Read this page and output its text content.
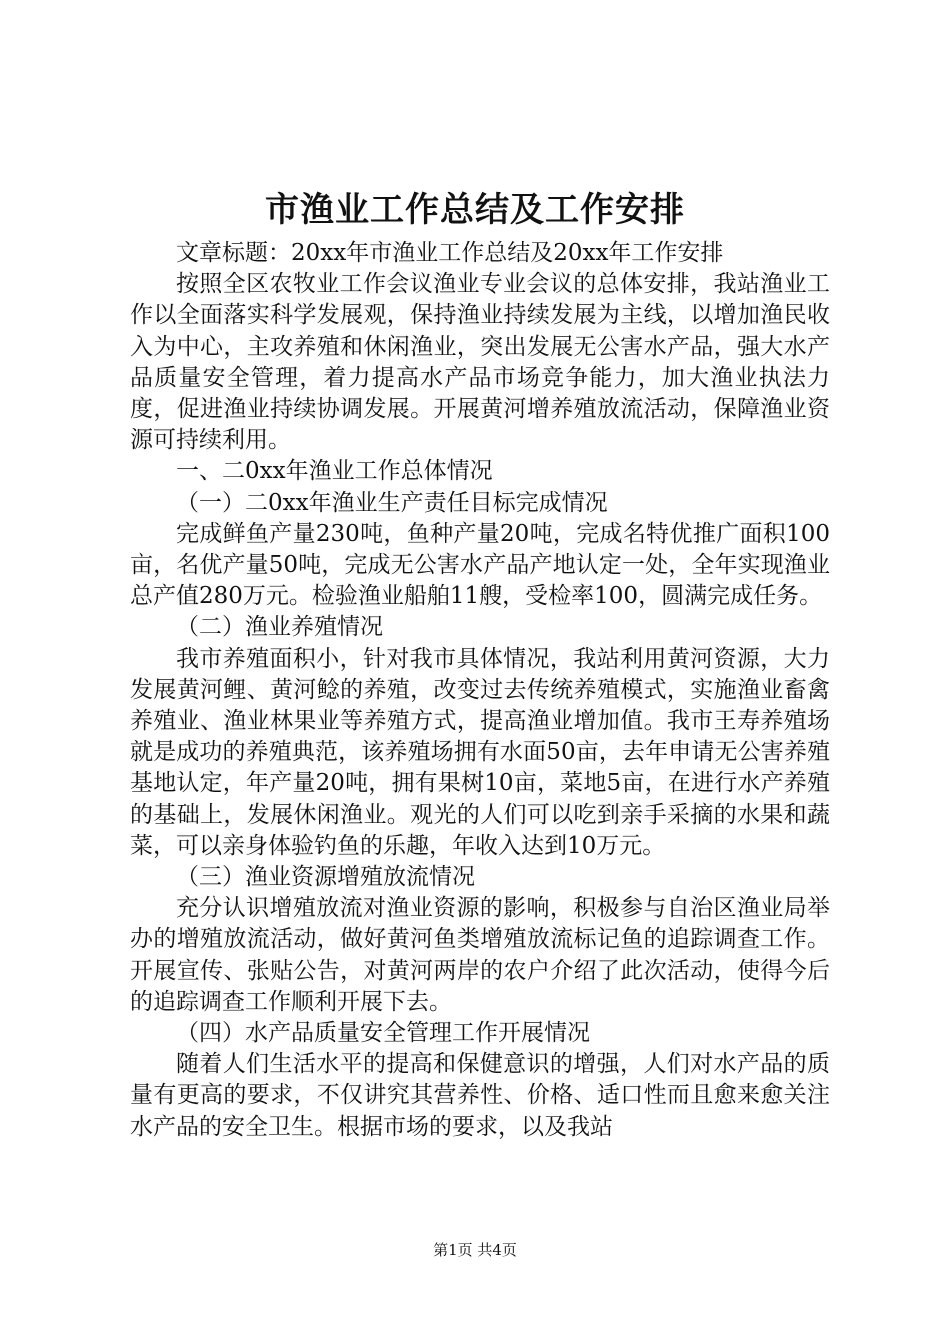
市渔业工作总结及工作安排

文章标题：20xx年市渔业工作总结及20xx年工作安排

按照全区农牧业工作会议渔业专业会议的总体安排，我站渔业工作以全面落实科学发展观，保持渔业持续发展为主线，以增加渔民收入为中心，主攻养殖和休闲渔业，突出发展无公害水产品，强大水产品质量安全管理，着力提高水产品市场竞争能力，加大渔业执法力度，促进渔业持续协调发展。开展黄河增养殖放流活动，保障渔业资源可持续利用。

一、二0xx年渔业工作总体情况

（一）二0xx年渔业生产责任目标完成情况

完成鲜鱼产量230吨，鱼种产量20吨，完成名特优推广面积100亩，名优产量50吨，完成无公害水产品产地认定一处，全年实现渔业总产值280万元。检验渔业船舶11艘，受检率100，圆满完成任务。

（二）渔业养殖情况

我市养殖面积小，针对我市具体情况，我站利用黄河资源，大力发展黄河鲤、黄河鲶的养殖，改变过去传统养殖模式，实施渔业畜禽养殖业、渔业林果业等养殖方式，提高渔业增加值。我市王寿养殖场就是成功的养殖典范，该养殖场拥有水面50亩，去年申请无公害养殖基地认定，年产量20吨，拥有果树10亩，菜地5亩，在进行水产养殖的基础上，发展休闲渔业。观光的人们可以吃到亲手采摘的水果和蔬菜，可以亲身体验钓鱼的乐趣，年收入达到10万元。

（三）渔业资源增殖放流情况

充分认识增殖放流对渔业资源的影响，积极参与自治区渔业局举办的增殖放流活动，做好黄河鱼类增殖放流标记鱼的追踪调查工作。开展宣传、张贴公告，对黄河两岸的农户介绍了此次活动，使得今后的追踪调查工作顺利开展下去。

（四）水产品质量安全管理工作开展情况

随着人们生活水平的提高和保健意识的增强，人们对水产品的质量有更高的要求，不仅讲究其营养性、价格、适口性而且愈来愈关注水产品的安全卫生。根据市场的要求，以及我站

第1页 共4页
